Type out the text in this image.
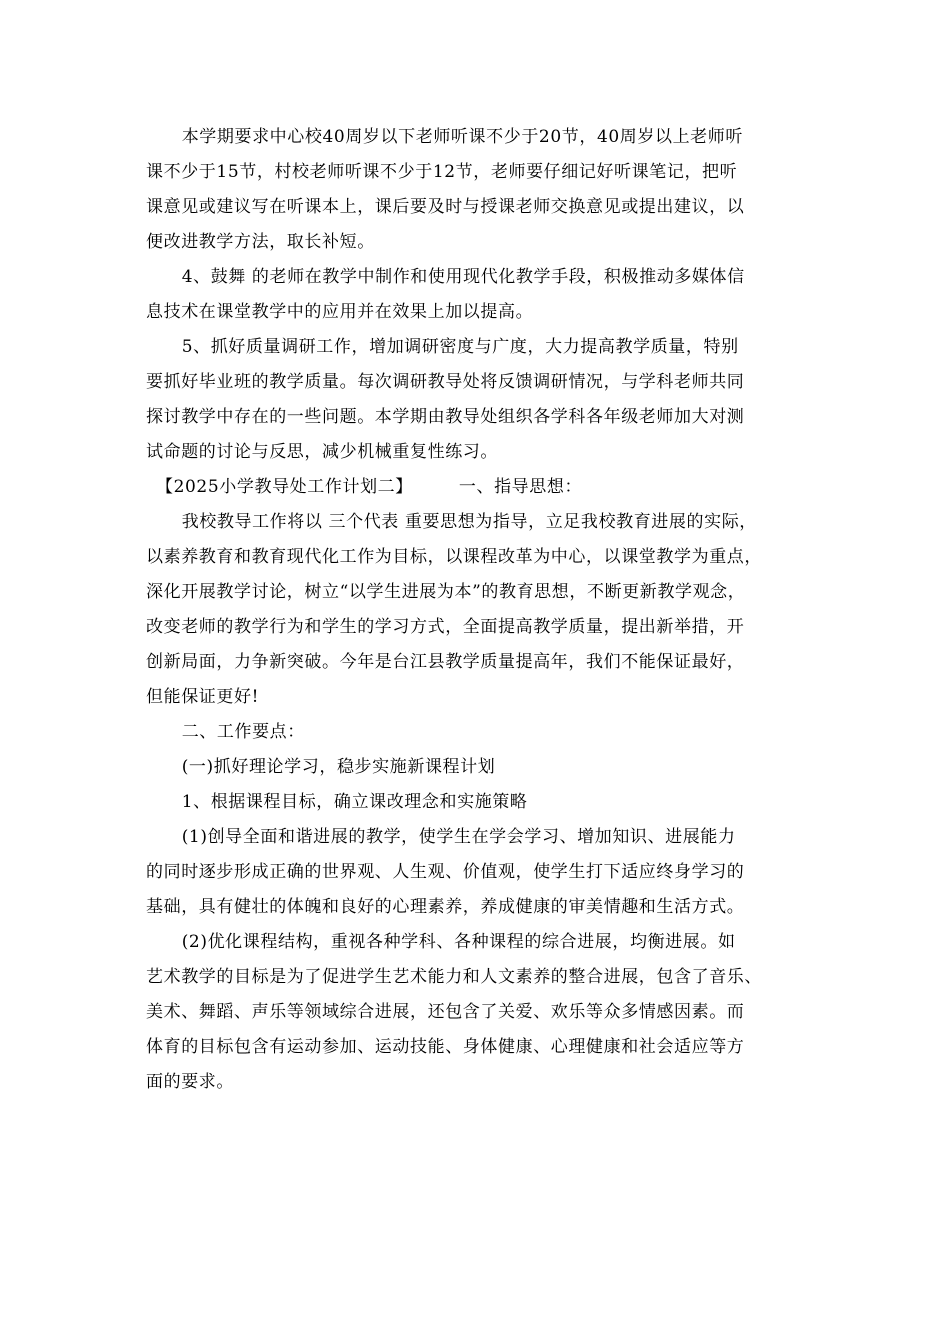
本学期要求中心校40周岁以下老师听课不少于20节，40周岁以上老师听
课不少于15节，村校老师听课不少于12节，老师要仔细记好听课笔记，把听
课意见或建议写在听课本上，课后要及时与授课老师交换意见或提出建议，以
便改进教学方法，取长补短。
4、鼓舞 的老师在教学中制作和使用现代化教学手段，积极推动多媒体信
息技术在课堂教学中的应用并在效果上加以提高。
5、抓好质量调研工作，增加调研密度与广度，大力提高教学质量，特别
要抓好毕业班的教学质量。每次调研教导处将反馈调研情况，与学科老师共同
探讨教学中存在的一些问题。本学期由教导处组织各学科各年级老师加大对测
试命题的讨论与反思，减少机械重复性练习。
【2025小学教导处工作计划二】	一、指导思想：
我校教导工作将以 三个代表 重要思想为指导，立足我校教育进展的实际，
以素养教育和教育现代化工作为目标，以课程改革为中心，以课堂教学为重点，
深化开展教学讨论，树立“以学生进展为本”的教育思想，不断更新教学观念，
改变老师的教学行为和学生的学习方式，全面提高教学质量，提出新举措，开
创新局面，力争新突破。今年是台江县教学质量提高年，我们不能保证最好，
但能保证更好!
二、工作要点：
(一)抓好理论学习，稳步实施新课程计划
1、根据课程目标，确立课改理念和实施策略
(1)创导全面和谐进展的教学，使学生在学会学习、增加知识、进展能力
的同时逐步形成正确的世界观、人生观、价值观，使学生打下适应终身学习的
基础，具有健壮的体魄和良好的心理素养，养成健康的审美情趣和生活方式。
(2)优化课程结构，重视各种学科、各种课程的综合进展，均衡进展。如
艺术教学的目标是为了促进学生艺术能力和人文素养的整合进展，包含了音乐、
美术、舞蹈、声乐等领域综合进展，还包含了关爱、欢乐等众多情感因素。而
体育的目标包含有运动参加、运动技能、身体健康、心理健康和社会适应等方
面的要求。
